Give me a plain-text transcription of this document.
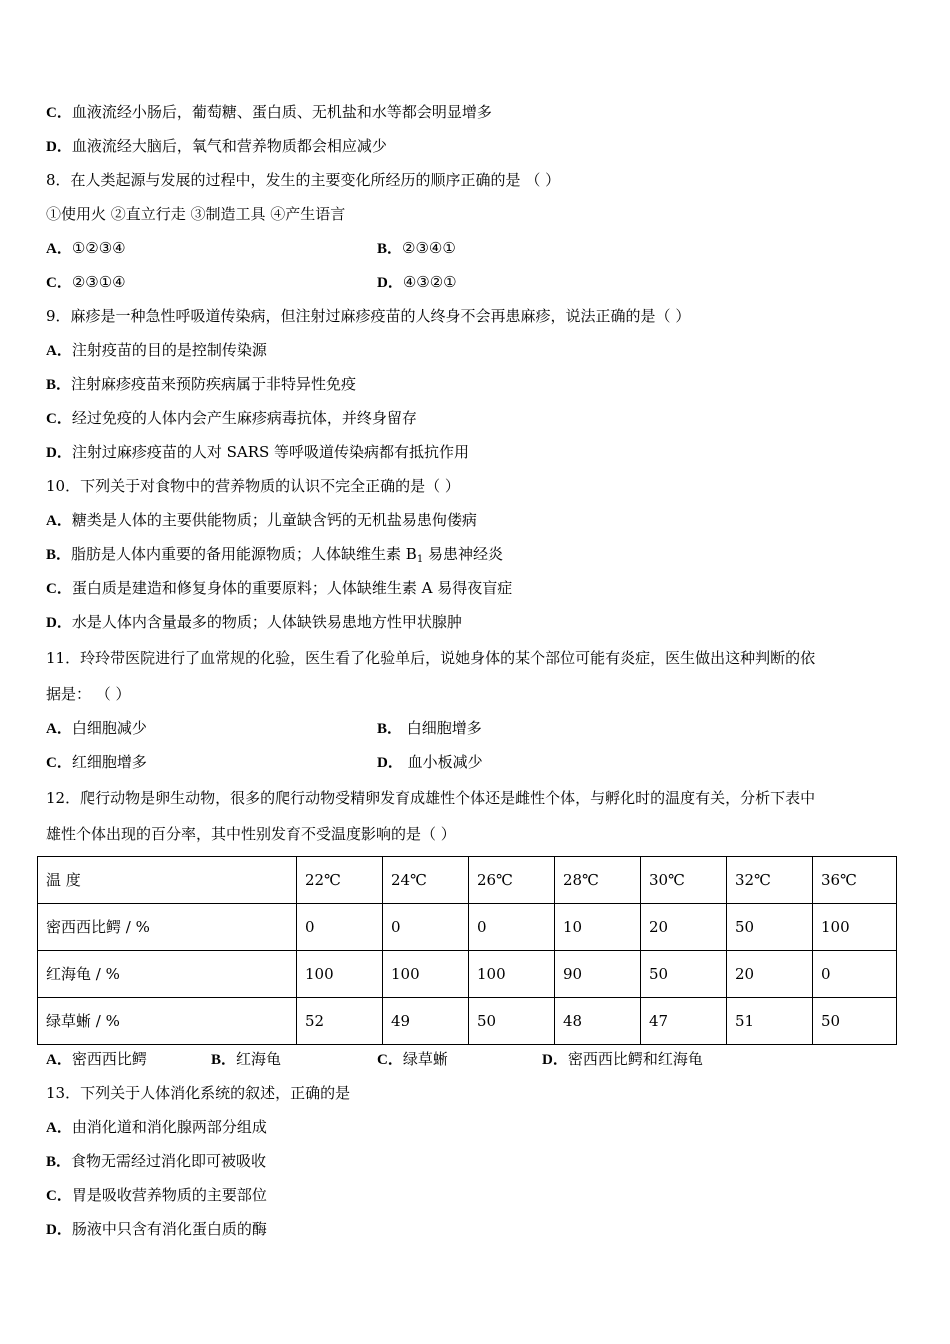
C．血液流经小肠后，葡萄糖、蛋白质、无机盐和水等都会明显增多
D．血液流经大脑后，氧气和营养物质都会相应减少
8．在人类起源与发展的过程中，发生的主要变化所经历的顺序正确的是 （ ）
①使用火 ②直立行走 ③制造工具 ④产生语言
A．①②③④	B．②③④①
C．②③①④	D．④③②①
9．麻疹是一种急性呼吸道传染病，但注射过麻疹疫苗的人终身不会再患麻疹，说法正确的是（ ）
A．注射疫苗的目的是控制传染源
B．注射麻疹疫苗来预防疾病属于非特异性免疫
C．经过免疫的人体内会产生麻疹病毒抗体，并终身留存
D．注射过麻疹疫苗的人对 SARS 等呼吸道传染病都有抵抗作用
10．下列关于对食物中的营养物质的认识不完全正确的是（ ）
A．糖类是人体的主要供能物质；儿童缺含钙的无机盐易患佝偻病
B．脂肪是人体内重要的备用能源物质；人体缺维生素 $B_1$ 易患神经炎
C．蛋白质是建造和修复身体的重要原料；人体缺维生素 A 易得夜盲症
D．水是人体内含量最多的物质；人体缺铁易患地方性甲状腺肿
11．玲玲带医院进行了血常规的化验，医生看了化验单后，说她身体的某个部位可能有炎症，医生做出这种判断的依
据是： （ ）
A．白细胞减少	B． 白细胞增多
C．红细胞增多	D． 血小板减少
12．爬行动物是卵生动物，很多的爬行动物受精卵发育成雄性个体还是雌性个体，与孵化时的温度有关，分析下表中
雄性个体出现的百分率，其中性别发育不受温度影响的是（ ）
温 度	22℃	24℃	26℃	28℃	30℃	32℃	36℃
密西西比鳄 / %	0	0	0	10	20	50	100
红海龟 / %	100	100	100	90	50	20	0
绿草蜥 / %	52	49	50	48	47	51	50
A．密西西比鳄	B．红海龟	C．绿草蜥	D．密西西比鳄和红海龟
13．下列关于人体消化系统的叙述，正确的是
A．由消化道和消化腺两部分组成
B．食物无需经过消化即可被吸收
C．胃是吸收营养物质的主要部位
D．肠液中只含有消化蛋白质的酶
